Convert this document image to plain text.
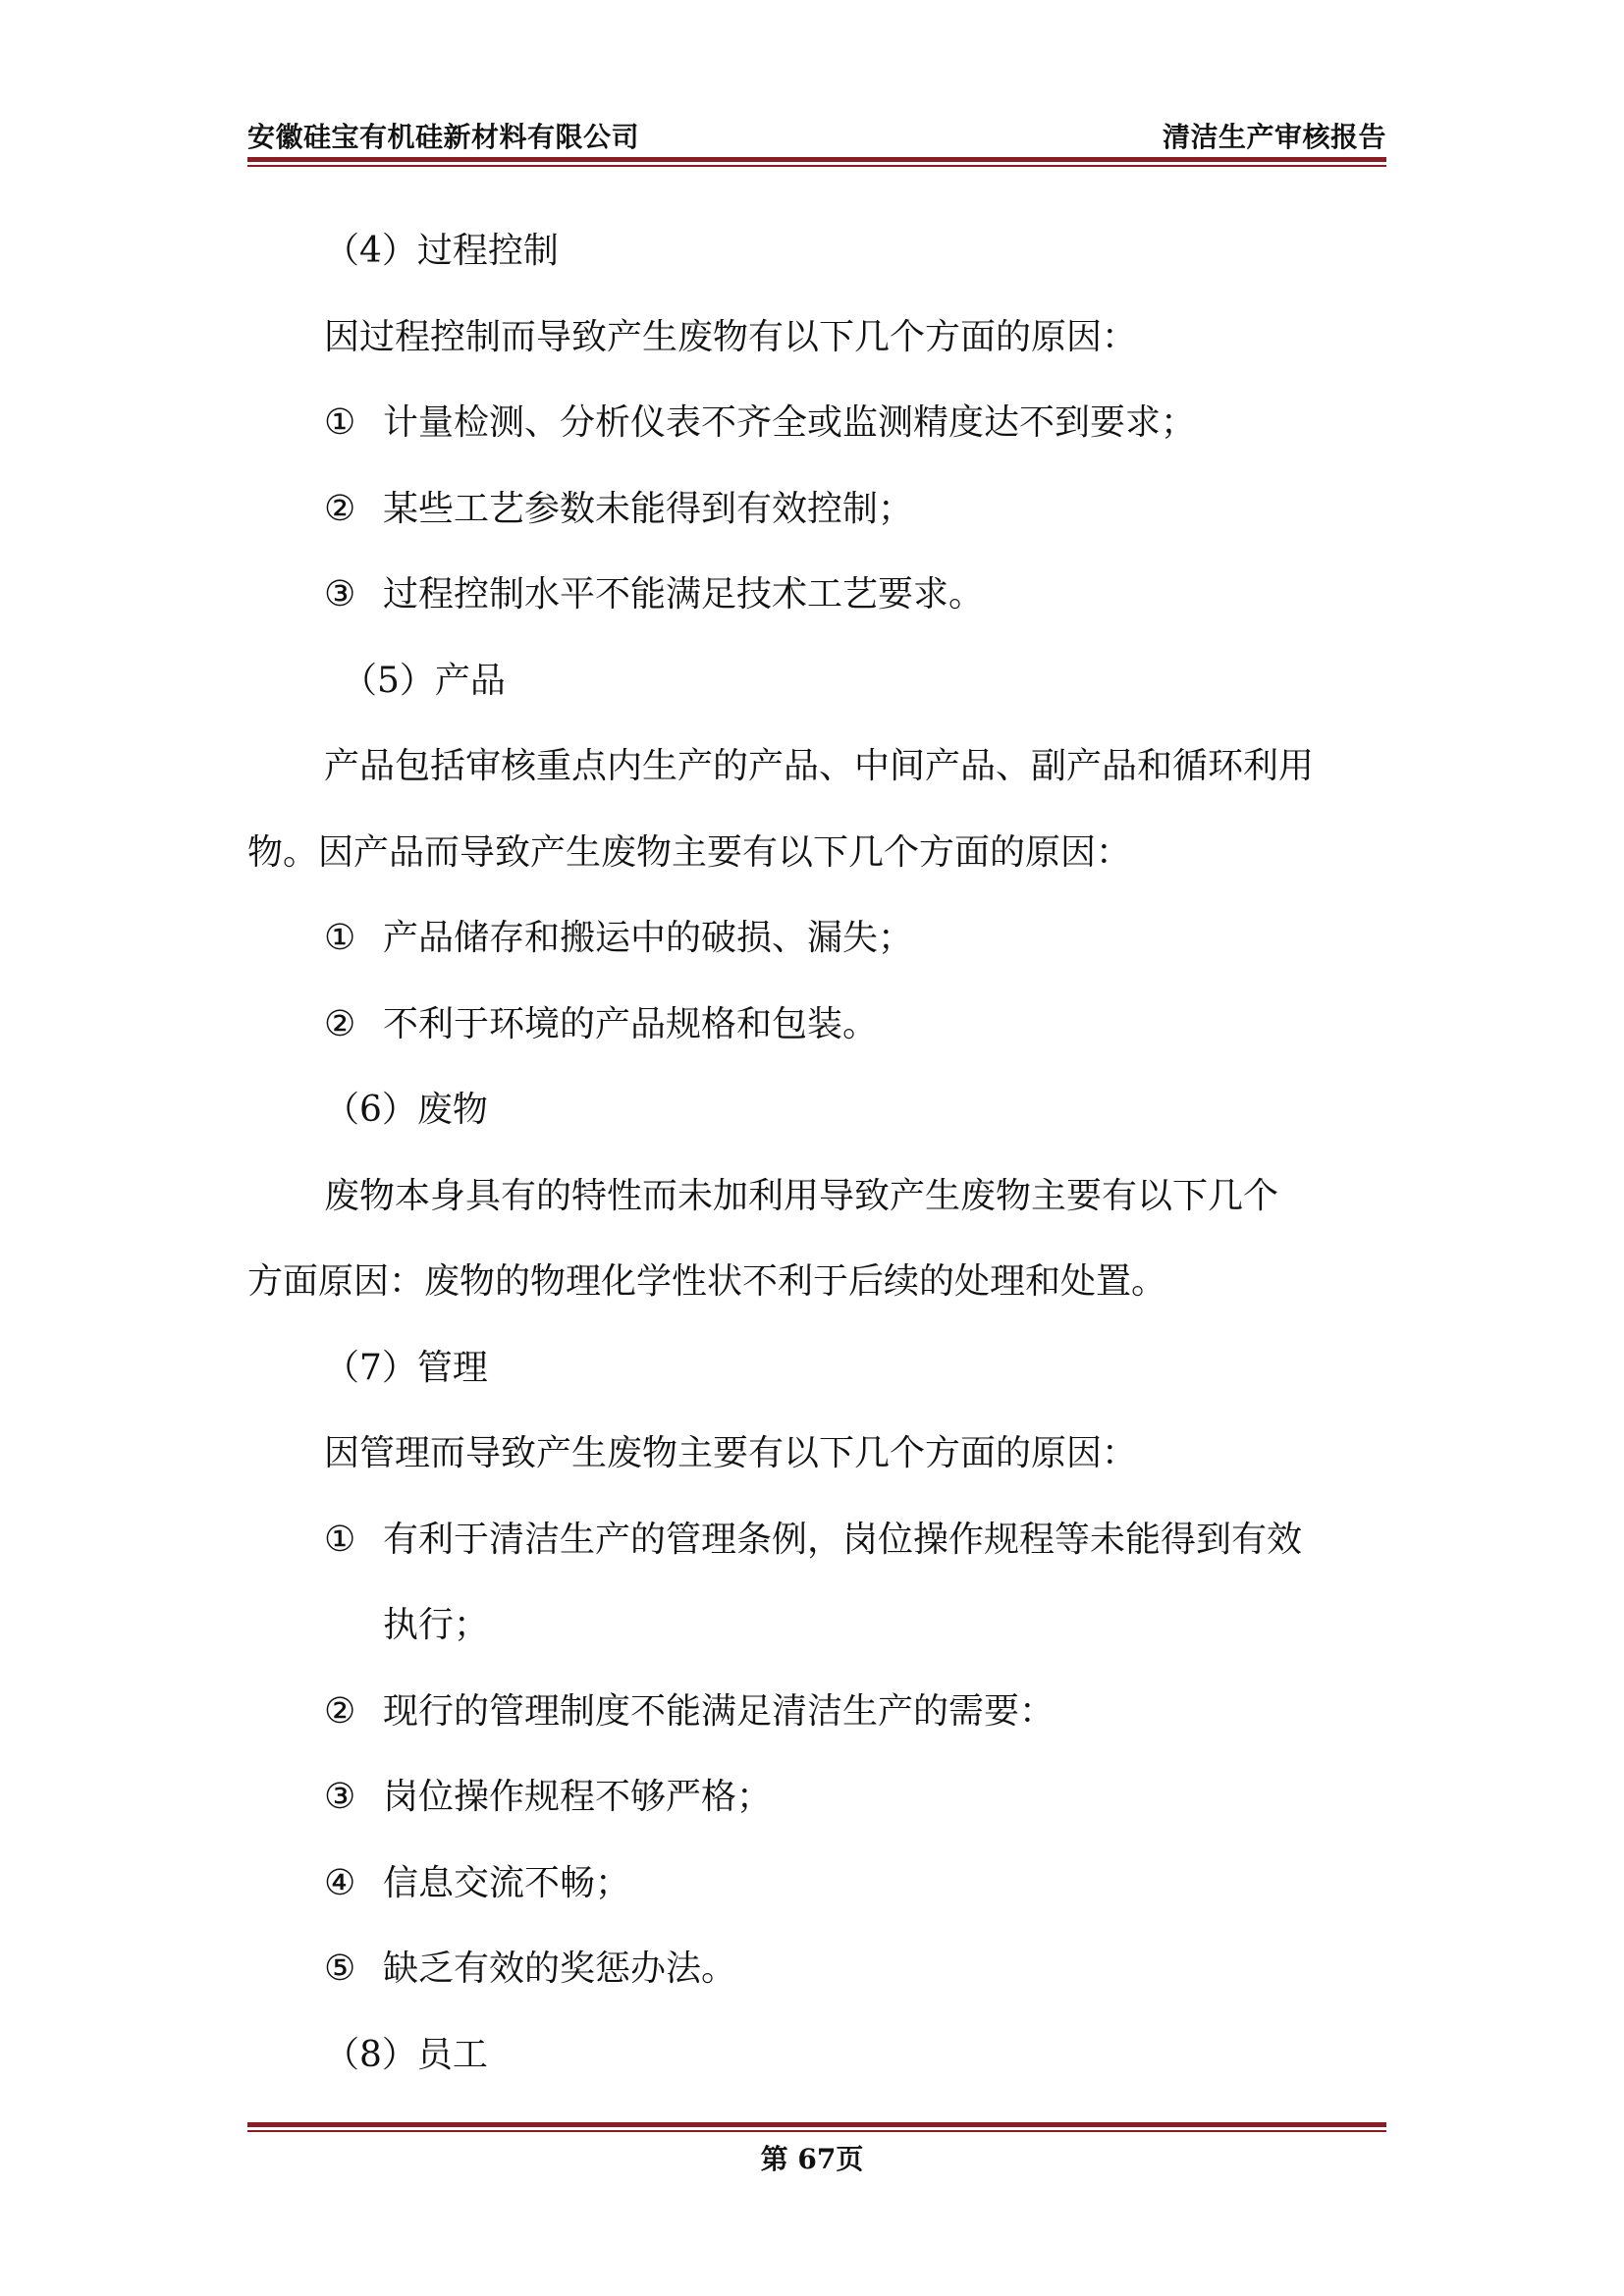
安徽硅宝有机硅新材料有限公司	清洁生产审核报告
（4）过程控制
因过程控制而导致产生废物有以下几个方面的原因：
① 计量检测、分析仪表不齐全或监测精度达不到要求；
② 某些工艺参数未能得到有效控制；
③ 过程控制水平不能满足技术工艺要求。
（5）产品
产品包括审核重点内生产的产品、中间产品、副产品和循环利用
物。因产品而导致产生废物主要有以下几个方面的原因：
① 产品储存和搬运中的破损、漏失；
② 不利于环境的产品规格和包装。
（6）废物
废物本身具有的特性而未加利用导致产生废物主要有以下几个
方面原因：废物的物理化学性状不利于后续的处理和处置。
（7）管理
因管理而导致产生废物主要有以下几个方面的原因：
① 有利于清洁生产的管理条例，岗位操作规程等未能得到有效
执行；
② 现行的管理制度不能满足清洁生产的需要：
③ 岗位操作规程不够严格；
④ 信息交流不畅；
⑤ 缺乏有效的奖惩办法。
（8）员工
第 67页
